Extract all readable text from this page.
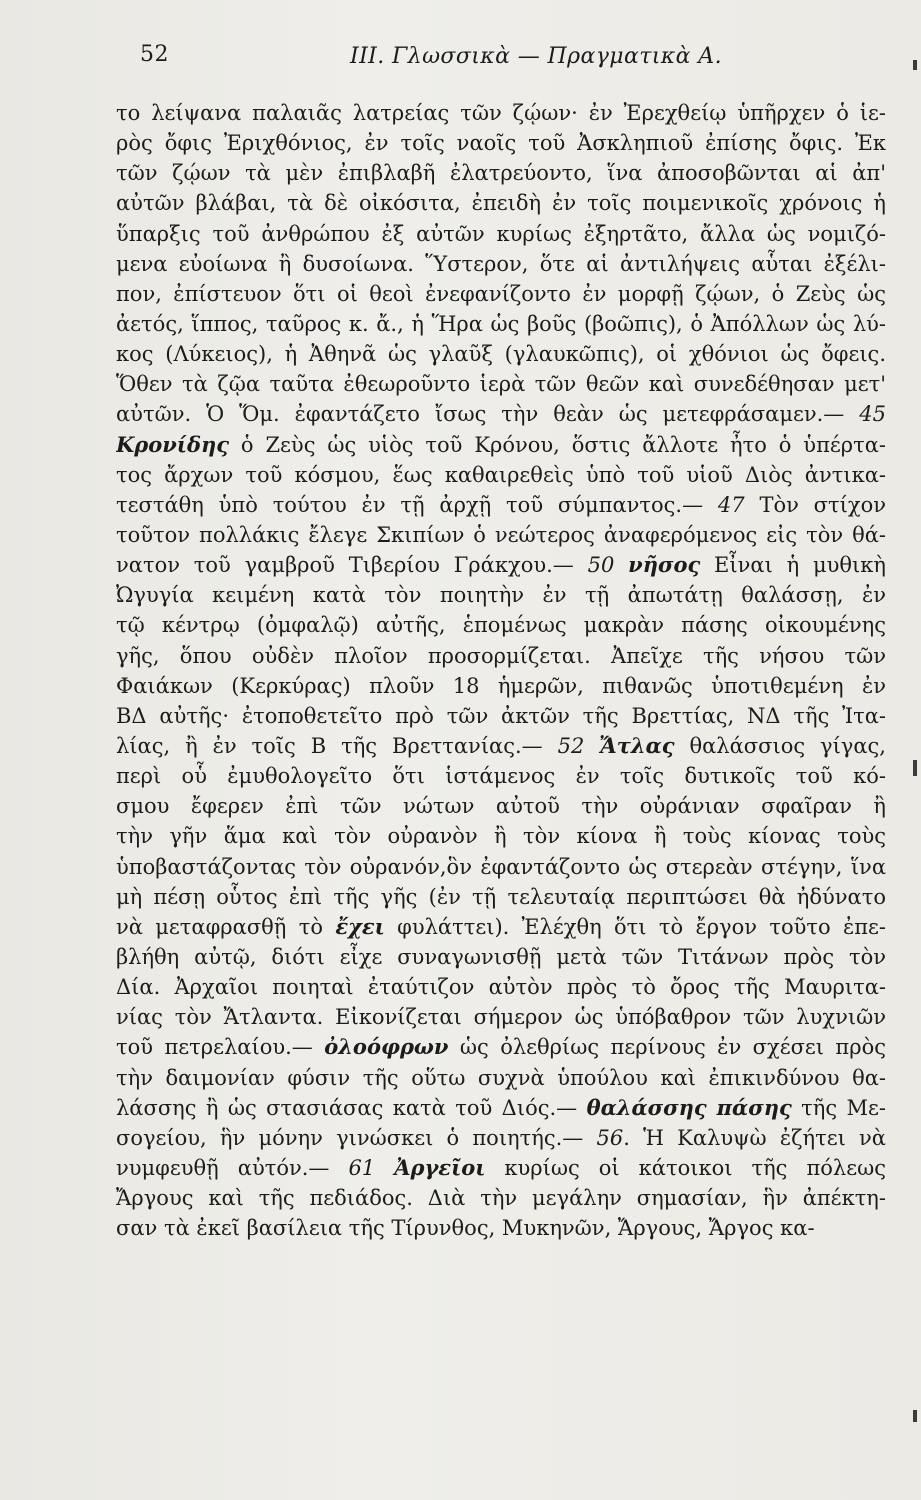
52	ΙΙΙ. Γλωσσικὰ — Πραγματικὰ Α.
το λείψανα παλαιᾶς λατρείας τῶν ζῴων· ἐν Ἐρεχθείῳ ὑπῆρχεν ὁ ἱε-
ρὸς ὄφις Ἐριχθόνιος, ἐν τοῖς ναοῖς τοῦ Ἀσκληπιοῦ ἐπίσης ὄφις. Ἐκ
τῶν ζῴων τὰ μὲν ἐπιβλαβῆ ἐλατρεύοντο, ἵνα ἀποσοβῶνται αἱ ἀπ'
αὐτῶν βλάβαι, τὰ δὲ οἰκόσιτα, ἐπειδὴ ἐν τοῖς ποιμενικοῖς χρόνοις ἡ
ὕπαρξις τοῦ ἀνθρώπου ἐξ αὐτῶν κυρίως ἐξηρτᾶτο, ἄλλα ὡς νομιζό-
μενα εὐοίωνα ἢ δυσοίωνα. Ὕστερον, ὅτε αἱ ἀντιλήψεις αὗται ἐξέλι-
πον, ἐπίστευον ὅτι οἱ θεοὶ ἐνεφανίζοντο ἐν μορφῇ ζῴων, ὁ Ζεὺς ὡς
ἀετός, ἵππος, ταῦρος κ. ἄ., ἡ Ἥρα ὡς βοῦς (βοῶπις), ὁ Ἀπόλλων ὡς λύ-
κος (Λύκειος), ἡ Ἀθηνᾶ ὡς γλαῦξ (γλαυκῶπις), οἱ χθόνιοι ὡς ὄφεις.
Ὅθεν τὰ ζῷα ταῦτα ἐθεωροῦντο ἱερὰ τῶν θεῶν καὶ συνεδέθησαν μετ'
αὐτῶν. Ὁ Ὅμ. ἐφαντάζετο ἴσως τὴν θεὰν ὡς μετεφράσαμεν.— 45
Κρονίδης ὁ Ζεὺς ὡς υἱὸς τοῦ Κρόνου, ὅστις ἄλλοτε ἦτο ὁ ὑπέρτα-
τος ἄρχων τοῦ κόσμου, ἕως καθαιρεθεὶς ὑπὸ τοῦ υἱοῦ Διὸς ἀντικα-
τεστάθη ὑπὸ τούτου ἐν τῇ ἀρχῇ τοῦ σύμπαντος.— 47 Τὸν στίχον
τοῦτον πολλάκις ἔλεγε Σκιπίων ὁ νεώτερος ἀναφερόμενος εἰς τὸν θά-
νατον τοῦ γαμβροῦ Τιβερίου Γράκχου.— 50 νῆσος Εἶναι ἡ μυθικὴ
Ὠγυγία κειμένη κατὰ τὸν ποιητὴν ἐν τῇ ἀπωτάτῃ θαλάσσῃ, ἐν
τῷ κέντρῳ (ὀμφαλῷ) αὐτῆς, ἑπομένως μακρὰν πάσης οἰκουμένης
γῆς, ὅπου οὐδὲν πλοῖον προσορμίζεται. Ἀπεῖχε τῆς νήσου τῶν
Φαιάκων (Κερκύρας) πλοῦν 18 ἡμερῶν, πιθανῶς ὑποτιθεμένη ἐν
ΒΔ αὐτῆς· ἐτοποθετεῖτο πρὸ τῶν ἀκτῶν τῆς Βρεττίας, ΝΔ τῆς Ἰτα-
λίας, ἢ ἐν τοῖς Β τῆς Βρεττανίας.— 52 Ἄτλας θαλάσσιος γίγας,
περὶ οὗ ἐμυθολογεῖτο ὅτι ἱστάμενος ἐν τοῖς δυτικοῖς τοῦ κό-
σμου ἔφερεν ἐπὶ τῶν νώτων αὐτοῦ τὴν οὐράνιαν σφαῖραν ἢ
τὴν γῆν ἅμα καὶ τὸν οὐρανὸν ἢ τὸν κίονα ἢ τοὺς κίονας τοὺς
ὑποβαστάζοντας τὸν οὐρανόν,ὃν ἐφαντάζοντο ὡς στερεὰν στέγην, ἵνα
μὴ πέσῃ οὗτος ἐπὶ τῆς γῆς (ἐν τῇ τελευταίᾳ περιπτώσει θὰ ἠδύνατο
νὰ μεταφρασθῇ τὸ ἔχει φυλάττει). Ἐλέχθη ὅτι τὸ ἔργον τοῦτο ἐπε-
βλήθη αὐτῷ, διότι εἶχε συναγωνισθῇ μετὰ τῶν Τιτάνων πρὸς τὸν
Δία. Ἀρχαῖοι ποιηταὶ ἐταύτιζον αὐτὸν πρὸς τὸ ὄρος τῆς Μαυριτα-
νίας τὸν Ἄτλαντα. Εἰκονίζεται σήμερον ὡς ὑπόβαθρον τῶν λυχνιῶν
τοῦ πετρελαίου.— ὀλοόφρων ὡς ὀλεθρίως περίνους ἐν σχέσει πρὸς
τὴν δαιμονίαν φύσιν τῆς οὕτω συχνὰ ὑπούλου καὶ ἐπικινδύνου θα-
λάσσης ἢ ὡς στασιάσας κατὰ τοῦ Διός.— θαλάσσης πάσης τῆς Με-
σογείου, ἣν μόνην γινώσκει ὁ ποιητής.— 56. Ἡ Καλυψὼ ἐζήτει νὰ
νυμφευθῇ αὐτόν.— 61 Ἀργεῖοι κυρίως οἱ κάτοικοι τῆς πόλεως
Ἄργους καὶ τῆς πεδιάδος. Διὰ τὴν μεγάλην σημασίαν, ἣν ἀπέκτη-
σαν τὰ ἐκεῖ βασίλεια τῆς Τίρυνθος, Μυκηνῶν, Ἄργους, Ἄργος κα-
